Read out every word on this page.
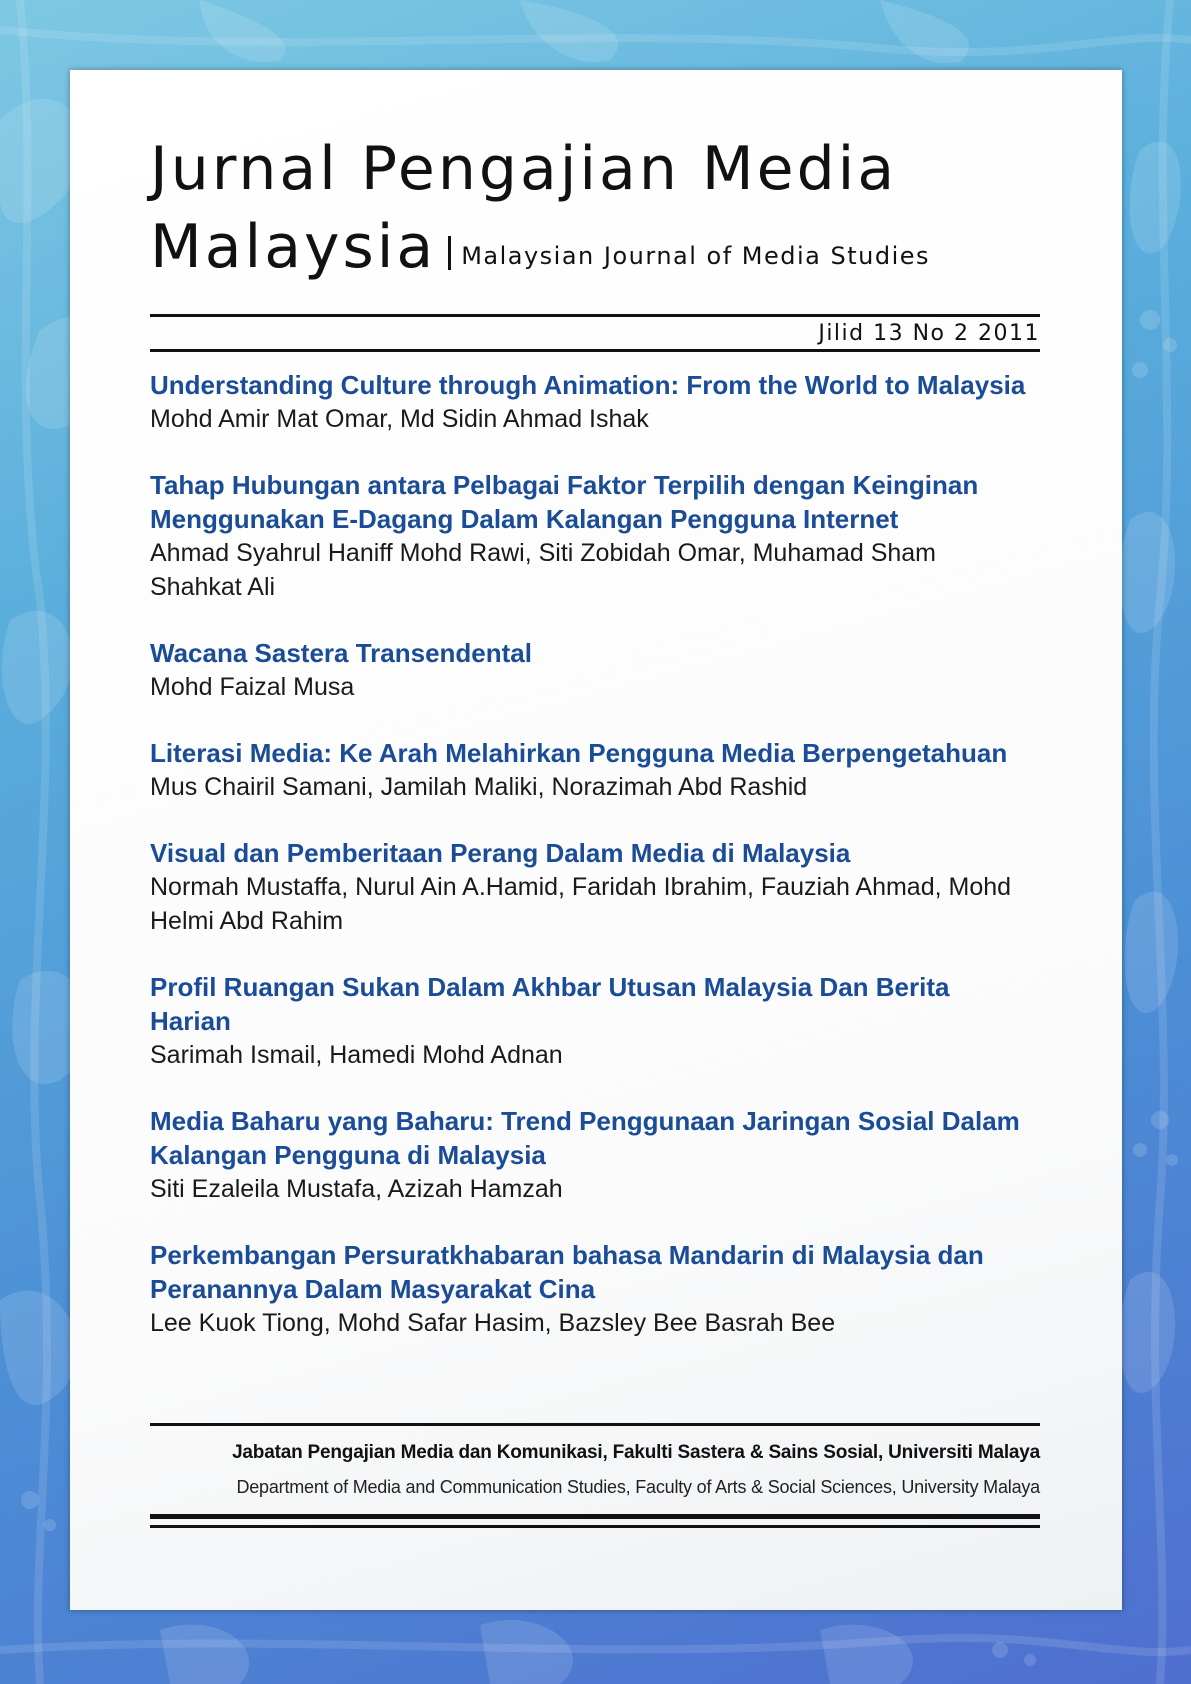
Jurnal Pengajian Media
Malaysia Malaysian Journal of Media Studies
Jilid 13 No 2 2011
Understanding Culture through Animation: From the World to Malaysia
Mohd Amir Mat Omar, Md Sidin Ahmad Ishak
Tahap Hubungan antara Pelbagai Faktor Terpilih dengan Keinginan Menggunakan E-Dagang Dalam Kalangan Pengguna Internet
Ahmad Syahrul Haniff Mohd Rawi, Siti Zobidah Omar, Muhamad Sham Shahkat Ali
Wacana Sastera Transendental
Mohd Faizal Musa
Literasi Media: Ke Arah Melahirkan Pengguna Media Berpengetahuan
Mus Chairil Samani, Jamilah Maliki, Norazimah Abd Rashid
Visual dan Pemberitaan Perang Dalam Media di Malaysia
Normah Mustaffa, Nurul Ain A.Hamid, Faridah Ibrahim, Fauziah Ahmad, Mohd Helmi Abd Rahim
Profil Ruangan Sukan Dalam Akhbar Utusan Malaysia Dan Berita Harian
Sarimah Ismail, Hamedi Mohd Adnan
Media Baharu yang Baharu: Trend Penggunaan Jaringan Sosial Dalam Kalangan Pengguna di Malaysia
Siti Ezaleila Mustafa, Azizah Hamzah
Perkembangan Persuratkhabaran bahasa Mandarin di Malaysia dan Peranannya Dalam Masyarakat Cina
Lee Kuok Tiong, Mohd Safar Hasim, Bazsley Bee Basrah Bee
Jabatan Pengajian Media dan Komunikasi, Fakulti Sastera & Sains Sosial, Universiti Malaya
Department of Media and Communication Studies, Faculty of Arts & Social Sciences, University Malaya
